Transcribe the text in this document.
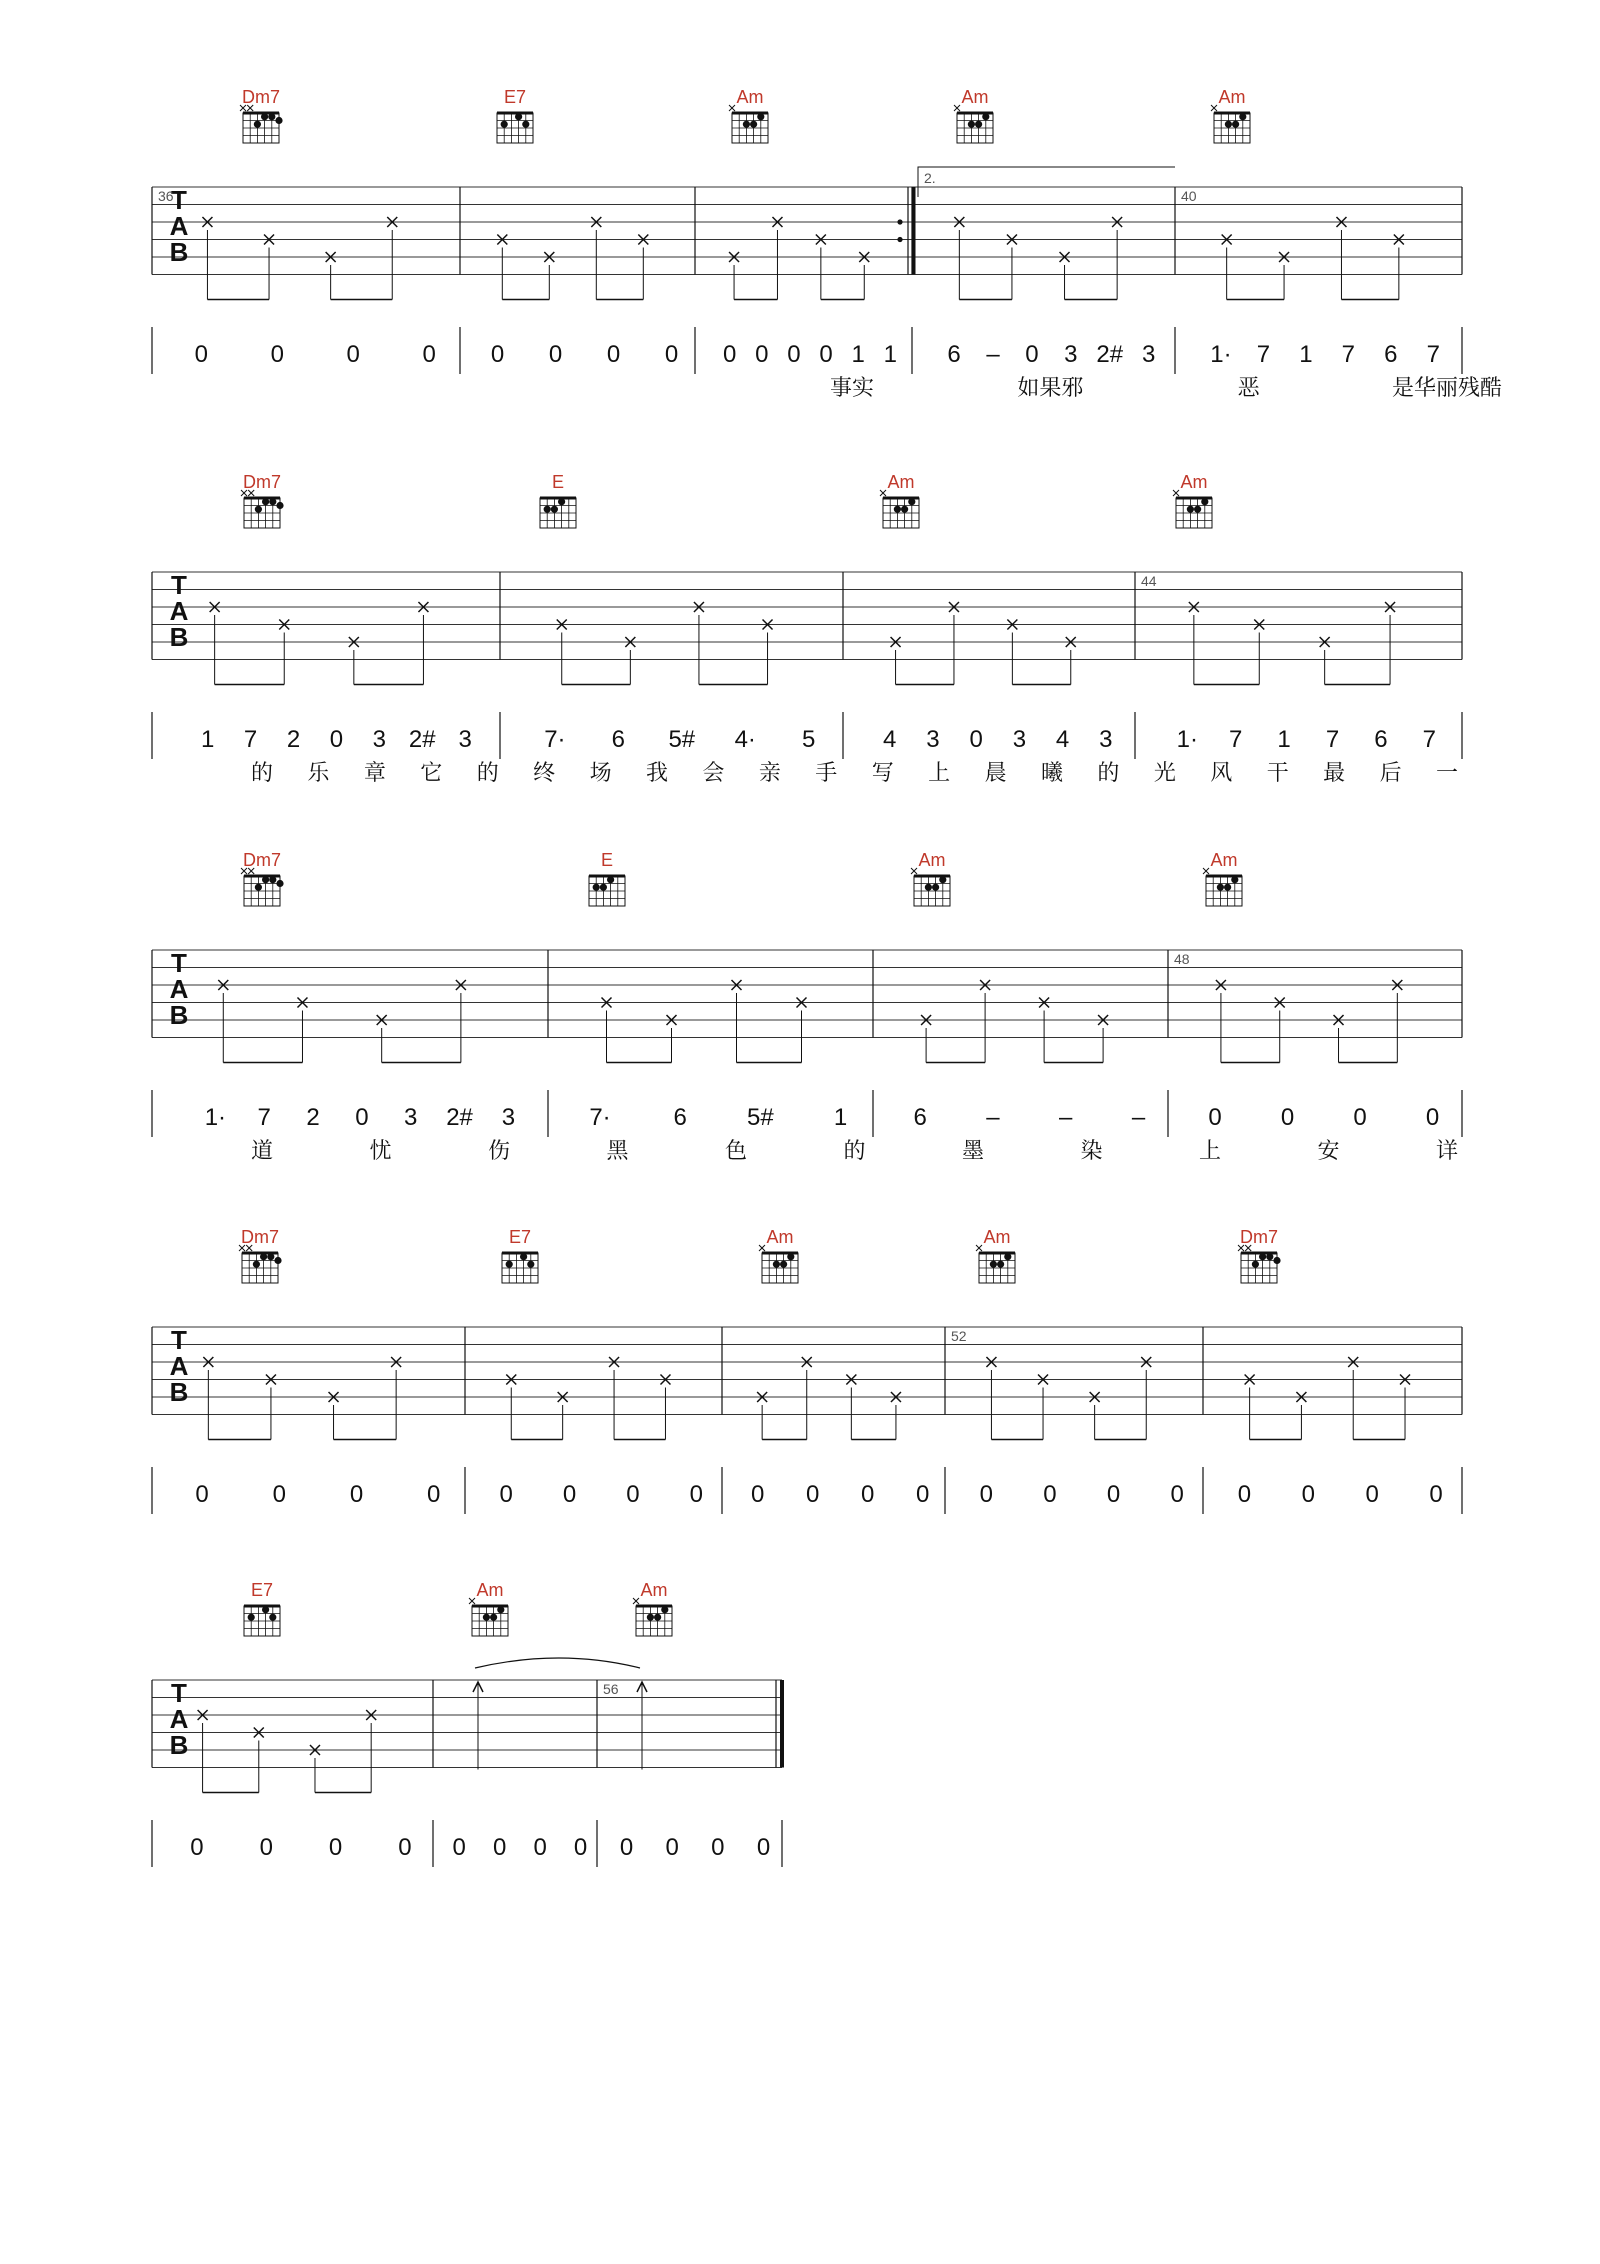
Dm7	E7	Am	Am	Am
T
A
B
36	40
2.
0	0	0	0 0 0 0 0 0 0 0 0 1 1 6 – 0 3 2# 3 1· 7 1 7 6 7
事实	如果邪	恶	是华丽残酷
Dm7	E	Am	Am
T
A
B
44
1 7 2 0 3 2# 3	7· 6 5# 4· 5	4 3 0 3 4 3	1· 7 1 7 6 7
的 乐 章 它 的 终 场 我 会 亲 手 写 上 晨 曦 的 光 风 干 最 后 一
Dm7	E	Am	Am
T
A
B
48
1· 7 2 0 3 2# 3	7·	6	5#	1	6 – – –	0 0 0 0
道	忧	伤	黑	色	的	墨	染	上	安	详
Dm7	E7	Am	Am	Dm7
T
A
B
52
0	0	0	0 0 0 0 0 0 0 0 0 0 0 0 0 0 0 0 0
E7	Am	Am
T
A
B
56
0 0 0 0 0 0 0 0 0 0 0 0
